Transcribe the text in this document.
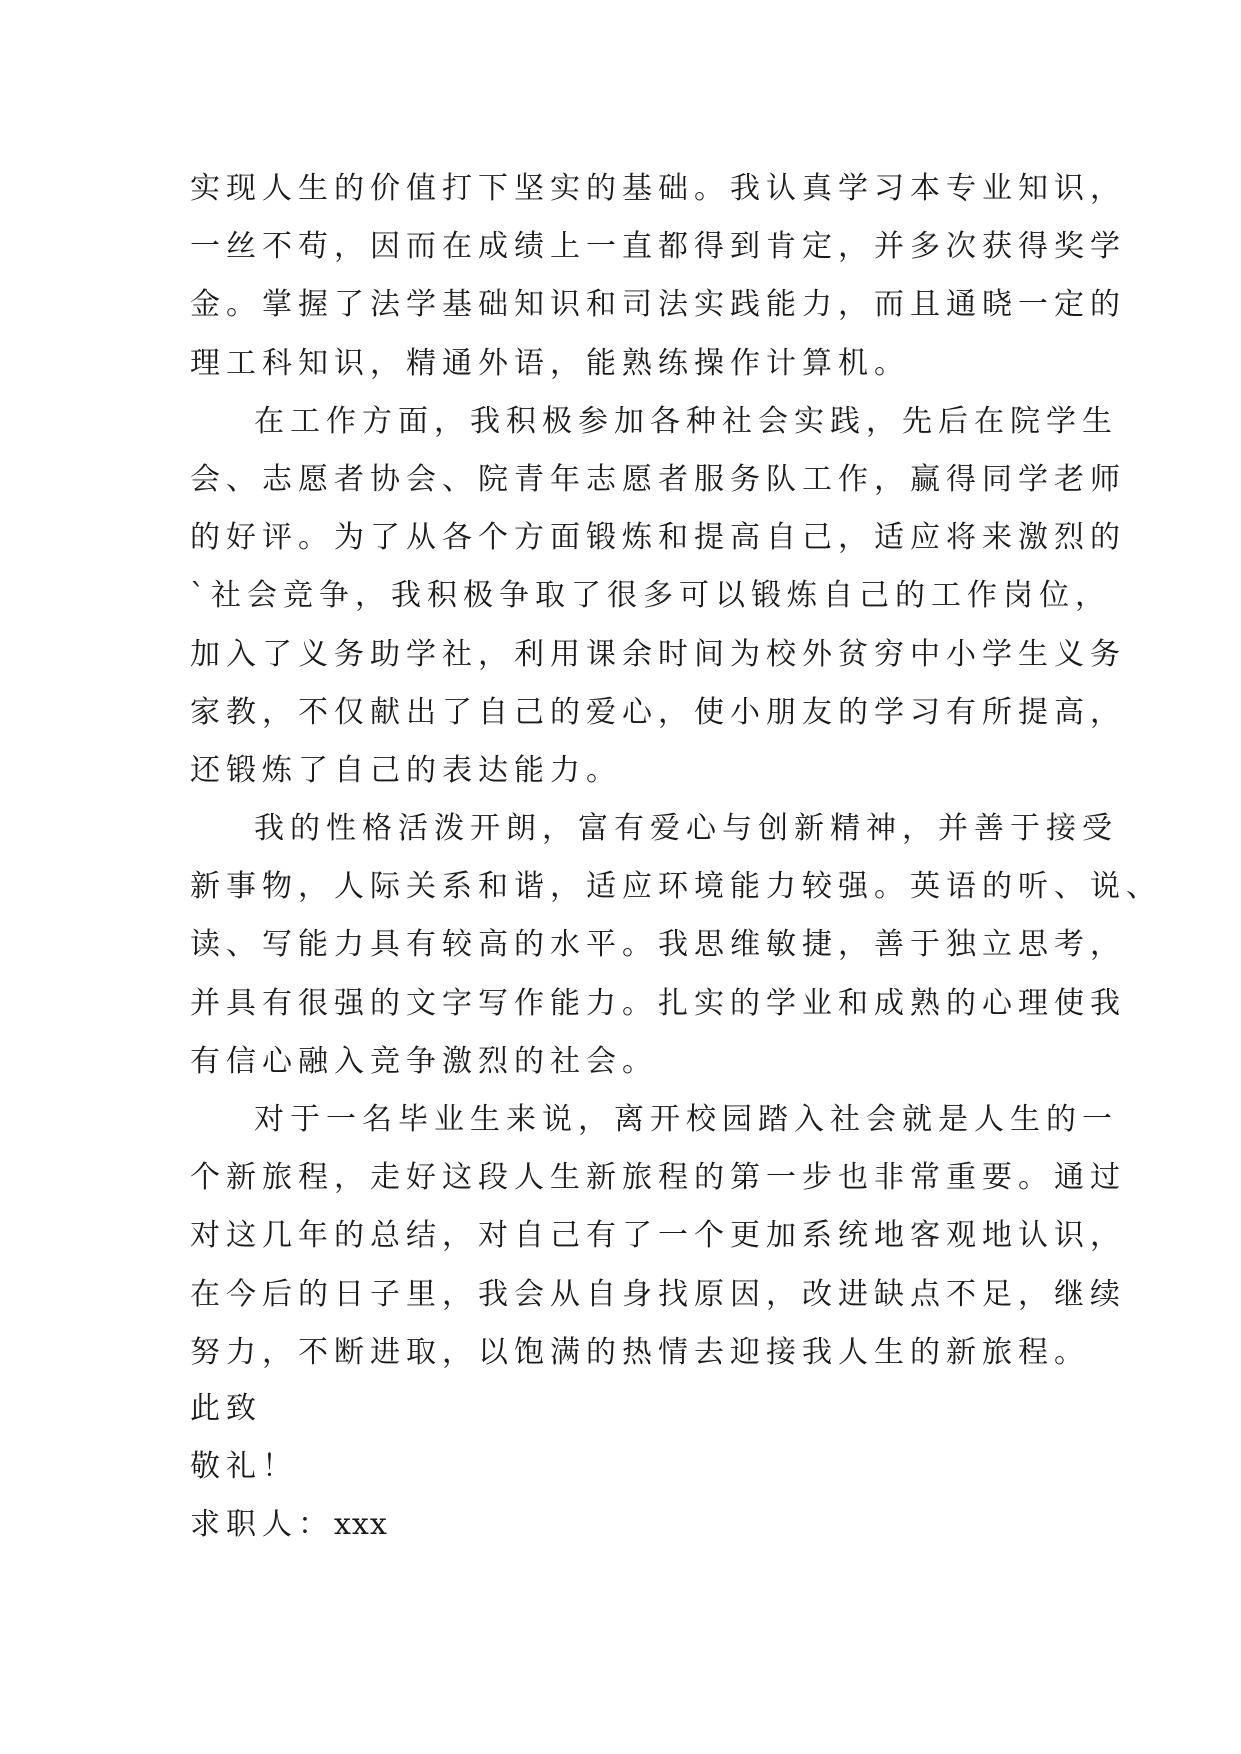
实现人生的价值打下坚实的基础。我认真学习本专业知识，
一丝不苟，因而在成绩上一直都得到肯定，并多次获得奖学
金。掌握了法学基础知识和司法实践能力，而且通晓一定的
理工科知识，精通外语，能熟练操作计算机。
在工作方面，我积极参加各种社会实践，先后在院学生
会、志愿者协会、院青年志愿者服务队工作，赢得同学老师
的好评。为了从各个方面锻炼和提高自己，适应将来激烈的
`社会竞争，我积极争取了很多可以锻炼自己的工作岗位，
加入了义务助学社，利用课余时间为校外贫穷中小学生义务
家教，不仅献出了自己的爱心，使小朋友的学习有所提高，
还锻炼了自己的表达能力。
我的性格活泼开朗，富有爱心与创新精神，并善于接受
新事物，人际关系和谐，适应环境能力较强。英语的听、说、
读、写能力具有较高的水平。我思维敏捷，善于独立思考，
并具有很强的文字写作能力。扎实的学业和成熟的心理使我
有信心融入竞争激烈的社会。
对于一名毕业生来说，离开校园踏入社会就是人生的一
个新旅程，走好这段人生新旅程的第一步也非常重要。通过
对这几年的总结，对自己有了一个更加系统地客观地认识，
在今后的日子里，我会从自身找原因，改进缺点不足，继续
努力，不断进取，以饱满的热情去迎接我人生的新旅程。
此致
敬礼！
求职人：xxx
